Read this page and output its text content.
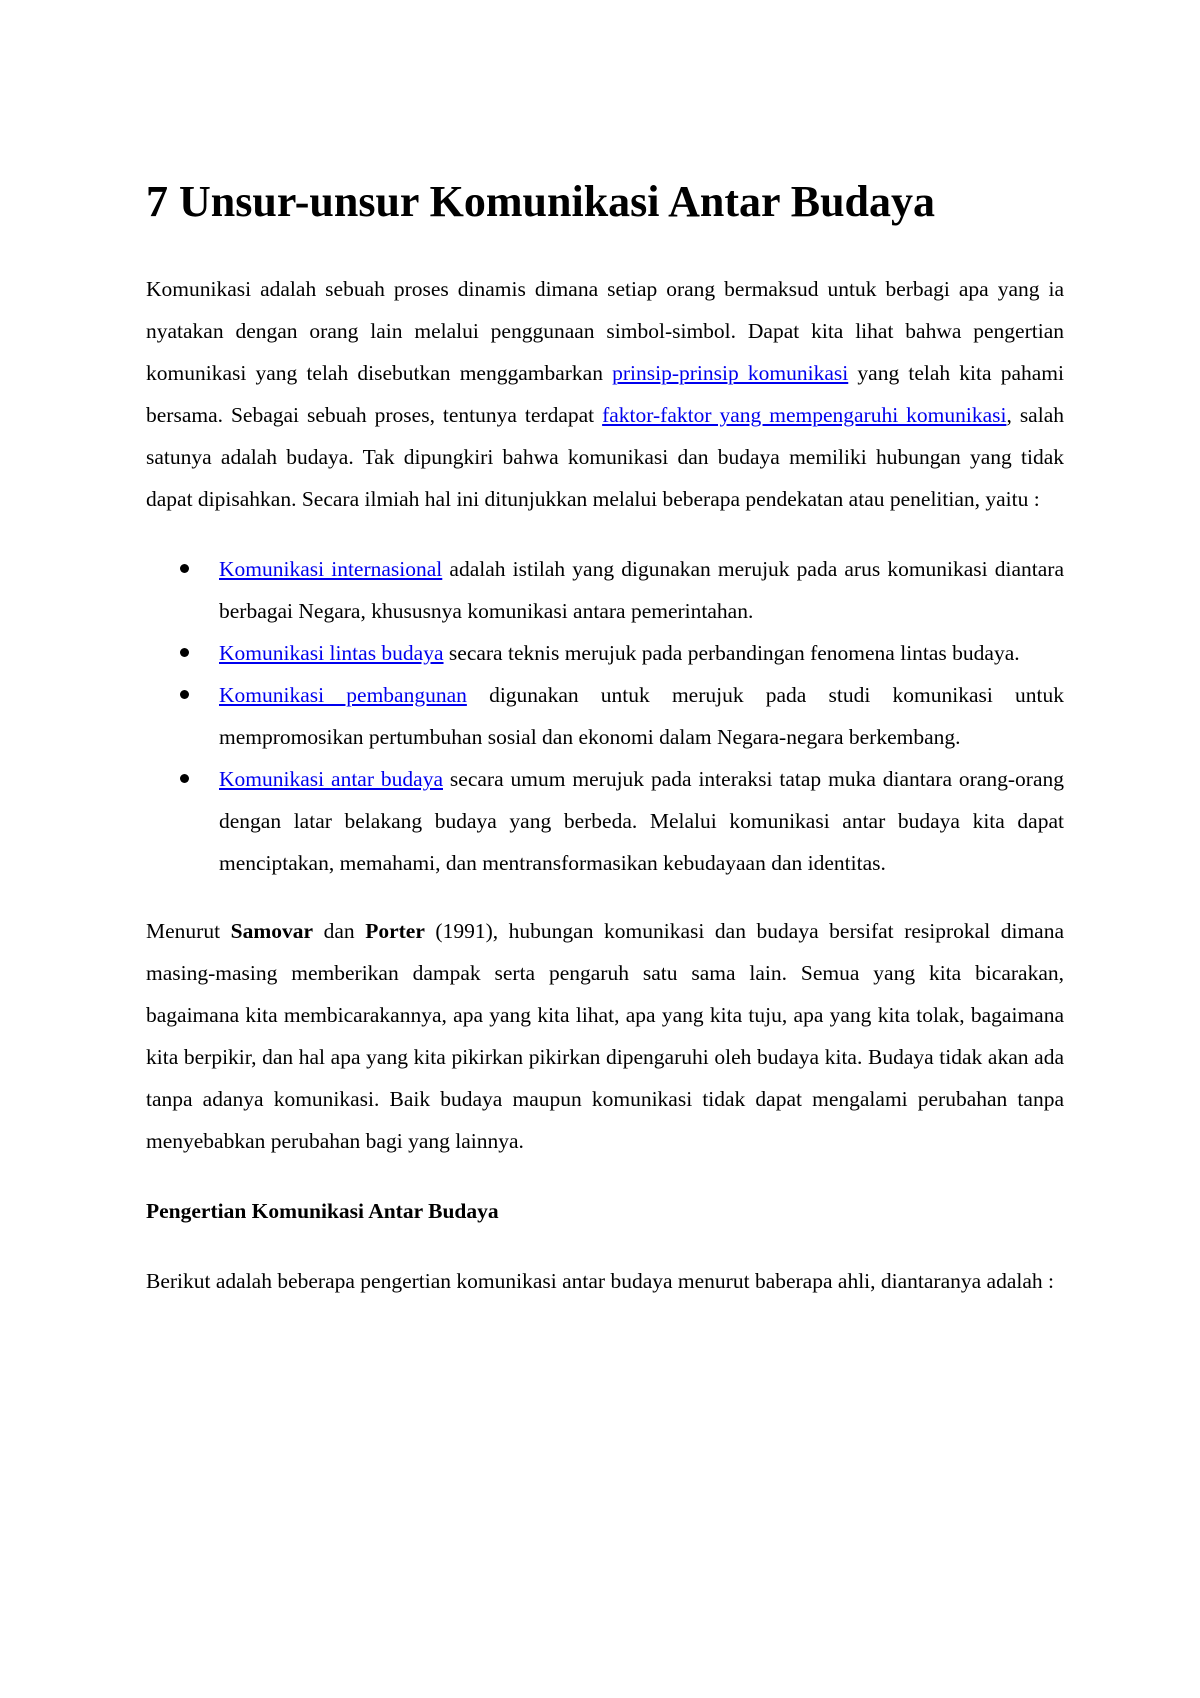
7 Unsur-unsur Komunikasi Antar Budaya

Komunikasi adalah sebuah proses dinamis dimana setiap orang bermaksud untuk berbagi apa yang ia nyatakan dengan orang lain melalui penggunaan simbol-simbol. Dapat kita lihat bahwa pengertian komunikasi yang telah disebutkan menggambarkan prinsip-prinsip komunikasi yang telah kita pahami bersama. Sebagai sebuah proses, tentunya terdapat faktor-faktor yang mempengaruhi komunikasi, salah satunya adalah budaya. Tak dipungkiri bahwa komunikasi dan budaya memiliki hubungan yang tidak dapat dipisahkan. Secara ilmiah hal ini ditunjukkan melalui beberapa pendekatan atau penelitian, yaitu :

Komunikasi internasional adalah istilah yang digunakan merujuk pada arus komunikasi diantara berbagai Negara, khususnya komunikasi antara pemerintahan.
Komunikasi lintas budaya secara teknis merujuk pada perbandingan fenomena lintas budaya.
Komunikasi pembangunan digunakan untuk merujuk pada studi komunikasi untuk mempromosikan pertumbuhan sosial dan ekonomi dalam Negara-negara berkembang.
Komunikasi antar budaya secara umum merujuk pada interaksi tatap muka diantara orang-orang dengan latar belakang budaya yang berbeda. Melalui komunikasi antar budaya kita dapat menciptakan, memahami, dan mentransformasikan kebudayaan dan identitas.

Menurut Samovar dan Porter (1991), hubungan komunikasi dan budaya bersifat resiprokal dimana masing-masing memberikan dampak serta pengaruh satu sama lain. Semua yang kita bicarakan, bagaimana kita membicarakannya, apa yang kita lihat, apa yang kita tuju, apa yang kita tolak, bagaimana kita berpikir, dan hal apa yang kita pikirkan pikirkan dipengaruhi oleh budaya kita. Budaya tidak akan ada tanpa adanya komunikasi. Baik budaya maupun komunikasi tidak dapat mengalami perubahan tanpa menyebabkan perubahan bagi yang lainnya.

Pengertian Komunikasi Antar Budaya

Berikut adalah beberapa pengertian komunikasi antar budaya menurut baberapa ahli, diantaranya adalah :
